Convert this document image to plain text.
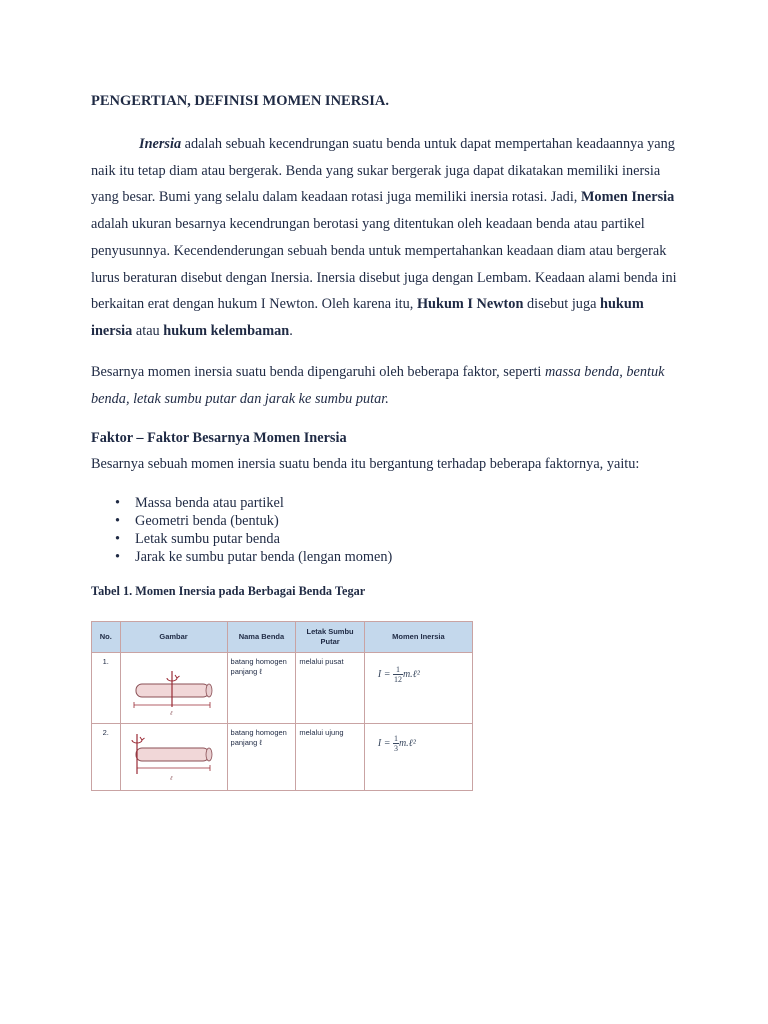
PENGERTIAN, DEFINISI MOMEN INERSIA.

Inersia adalah sebuah kecendrungan suatu benda untuk dapat mempertahan keadaannya yang naik itu tetap diam atau bergerak. Benda yang sukar bergerak juga dapat dikatakan memiliki inersia yang besar. Bumi yang selalu dalam keadaan rotasi juga memiliki inersia rotasi. Jadi, Momen Inersia adalah ukuran besarnya kecendrungan berotasi yang ditentukan oleh keadaan benda atau partikel penyusunnya. Kecendenderungan sebuah benda untuk mempertahankan keadaan diam atau bergerak lurus beraturan disebut dengan Inersia. Inersia disebut juga dengan Lembam. Keadaan alami benda ini berkaitan erat dengan hukum I Newton. Oleh karena itu, Hukum I Newton disebut juga hukum inersia atau hukum kelembaman.

Besarnya momen inersia suatu benda dipengaruhi oleh beberapa faktor, seperti massa benda, bentuk benda, letak sumbu putar dan jarak ke sumbu putar.

Faktor – Faktor Besarnya Momen Inersia

Besarnya sebuah momen inersia suatu benda itu bergantung terhadap beberapa faktornya, yaitu:

• Massa benda atau partikel
• Geometri benda (bentuk)
• Letak sumbu putar benda
• Jarak ke sumbu putar benda (lengan momen)

Tabel 1. Momen Inersia pada Berbagai Benda Tegar

No.	Gambar	Nama Benda	Letak Sumbu
Putar	Momen Inersia
1.	ℓ	batang homogen
panjang ℓ	melalui pusat	$I = \frac{1}{12}$ m.ℓ²

2.	ℓ	batang homogen
panjang ℓ	melalui ujung	$I = \frac{1}{3}$ m.ℓ²
